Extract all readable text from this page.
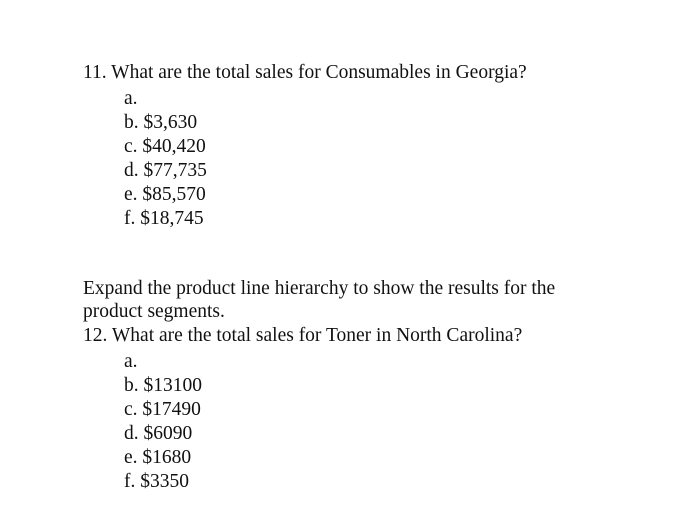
11. What are the total sales for Consumables in Georgia?

a.

b. $3,630

c. $40,420

d. $77,735

e. $85,570

f. $18,745

Expand the product line hierarchy to show the results for the

product segments.

12. What are the total sales for Toner in North Carolina?

a.

b. $13100

c. $17490

d. $6090

e. $1680

f. $3350
